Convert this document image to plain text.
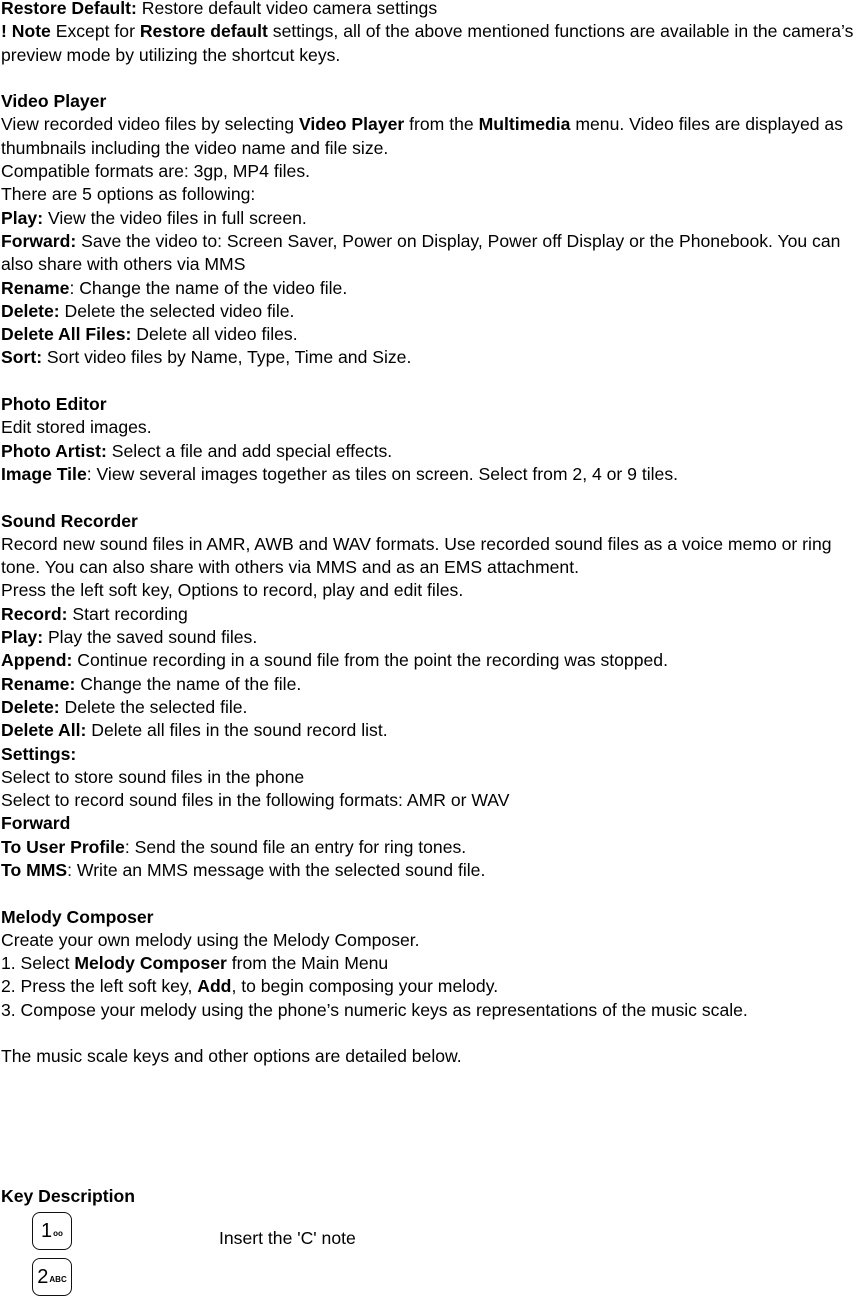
Restore Default: Restore default video camera settings
! Note Except for Restore default settings, all of the above mentioned functions are available in the camera’s preview mode by utilizing the shortcut keys.
Video Player
View recorded video files by selecting Video Player from the Multimedia menu. Video files are displayed as thumbnails including the video name and file size.
Compatible formats are: 3gp, MP4 files.
There are 5 options as following:
Play: View the video files in full screen.
Forward: Save the video to: Screen Saver, Power on Display, Power off Display or the Phonebook. You can also share with others via MMS
Rename: Change the name of the video file.
Delete: Delete the selected video file.
Delete All Files: Delete all video files.
Sort: Sort video files by Name, Type, Time and Size.
Photo Editor
Edit stored images.
Photo Artist: Select a file and add special effects.
Image Tile: View several images together as tiles on screen. Select from 2, 4 or 9 tiles.
Sound Recorder
Record new sound files in AMR, AWB and WAV formats. Use recorded sound files as a voice memo or ring tone. You can also share with others via MMS and as an EMS attachment.
Press the left soft key, Options to record, play and edit files.
Record: Start recording
Play: Play the saved sound files.
Append: Continue recording in a sound file from the point the recording was stopped.
Rename: Change the name of the file.
Delete: Delete the selected file.
Delete All: Delete all files in the sound record list.
Settings:
Select to store sound files in the phone
Select to record sound files in the following formats: AMR or WAV
Forward
To User Profile: Send the sound file an entry for ring tones.
To MMS: Write an MMS message with the selected sound file.
Melody Composer
Create your own melody using the Melody Composer.
1. Select Melody Composer from the Main Menu
2. Press the left soft key, Add, to begin composing your melody.
3. Compose your melody using the phone’s numeric keys as representations of the music scale.
The music scale keys and other options are detailed below.
Key Description
1 ᴏᴏ	Insert the 'C' note
2 ABC
